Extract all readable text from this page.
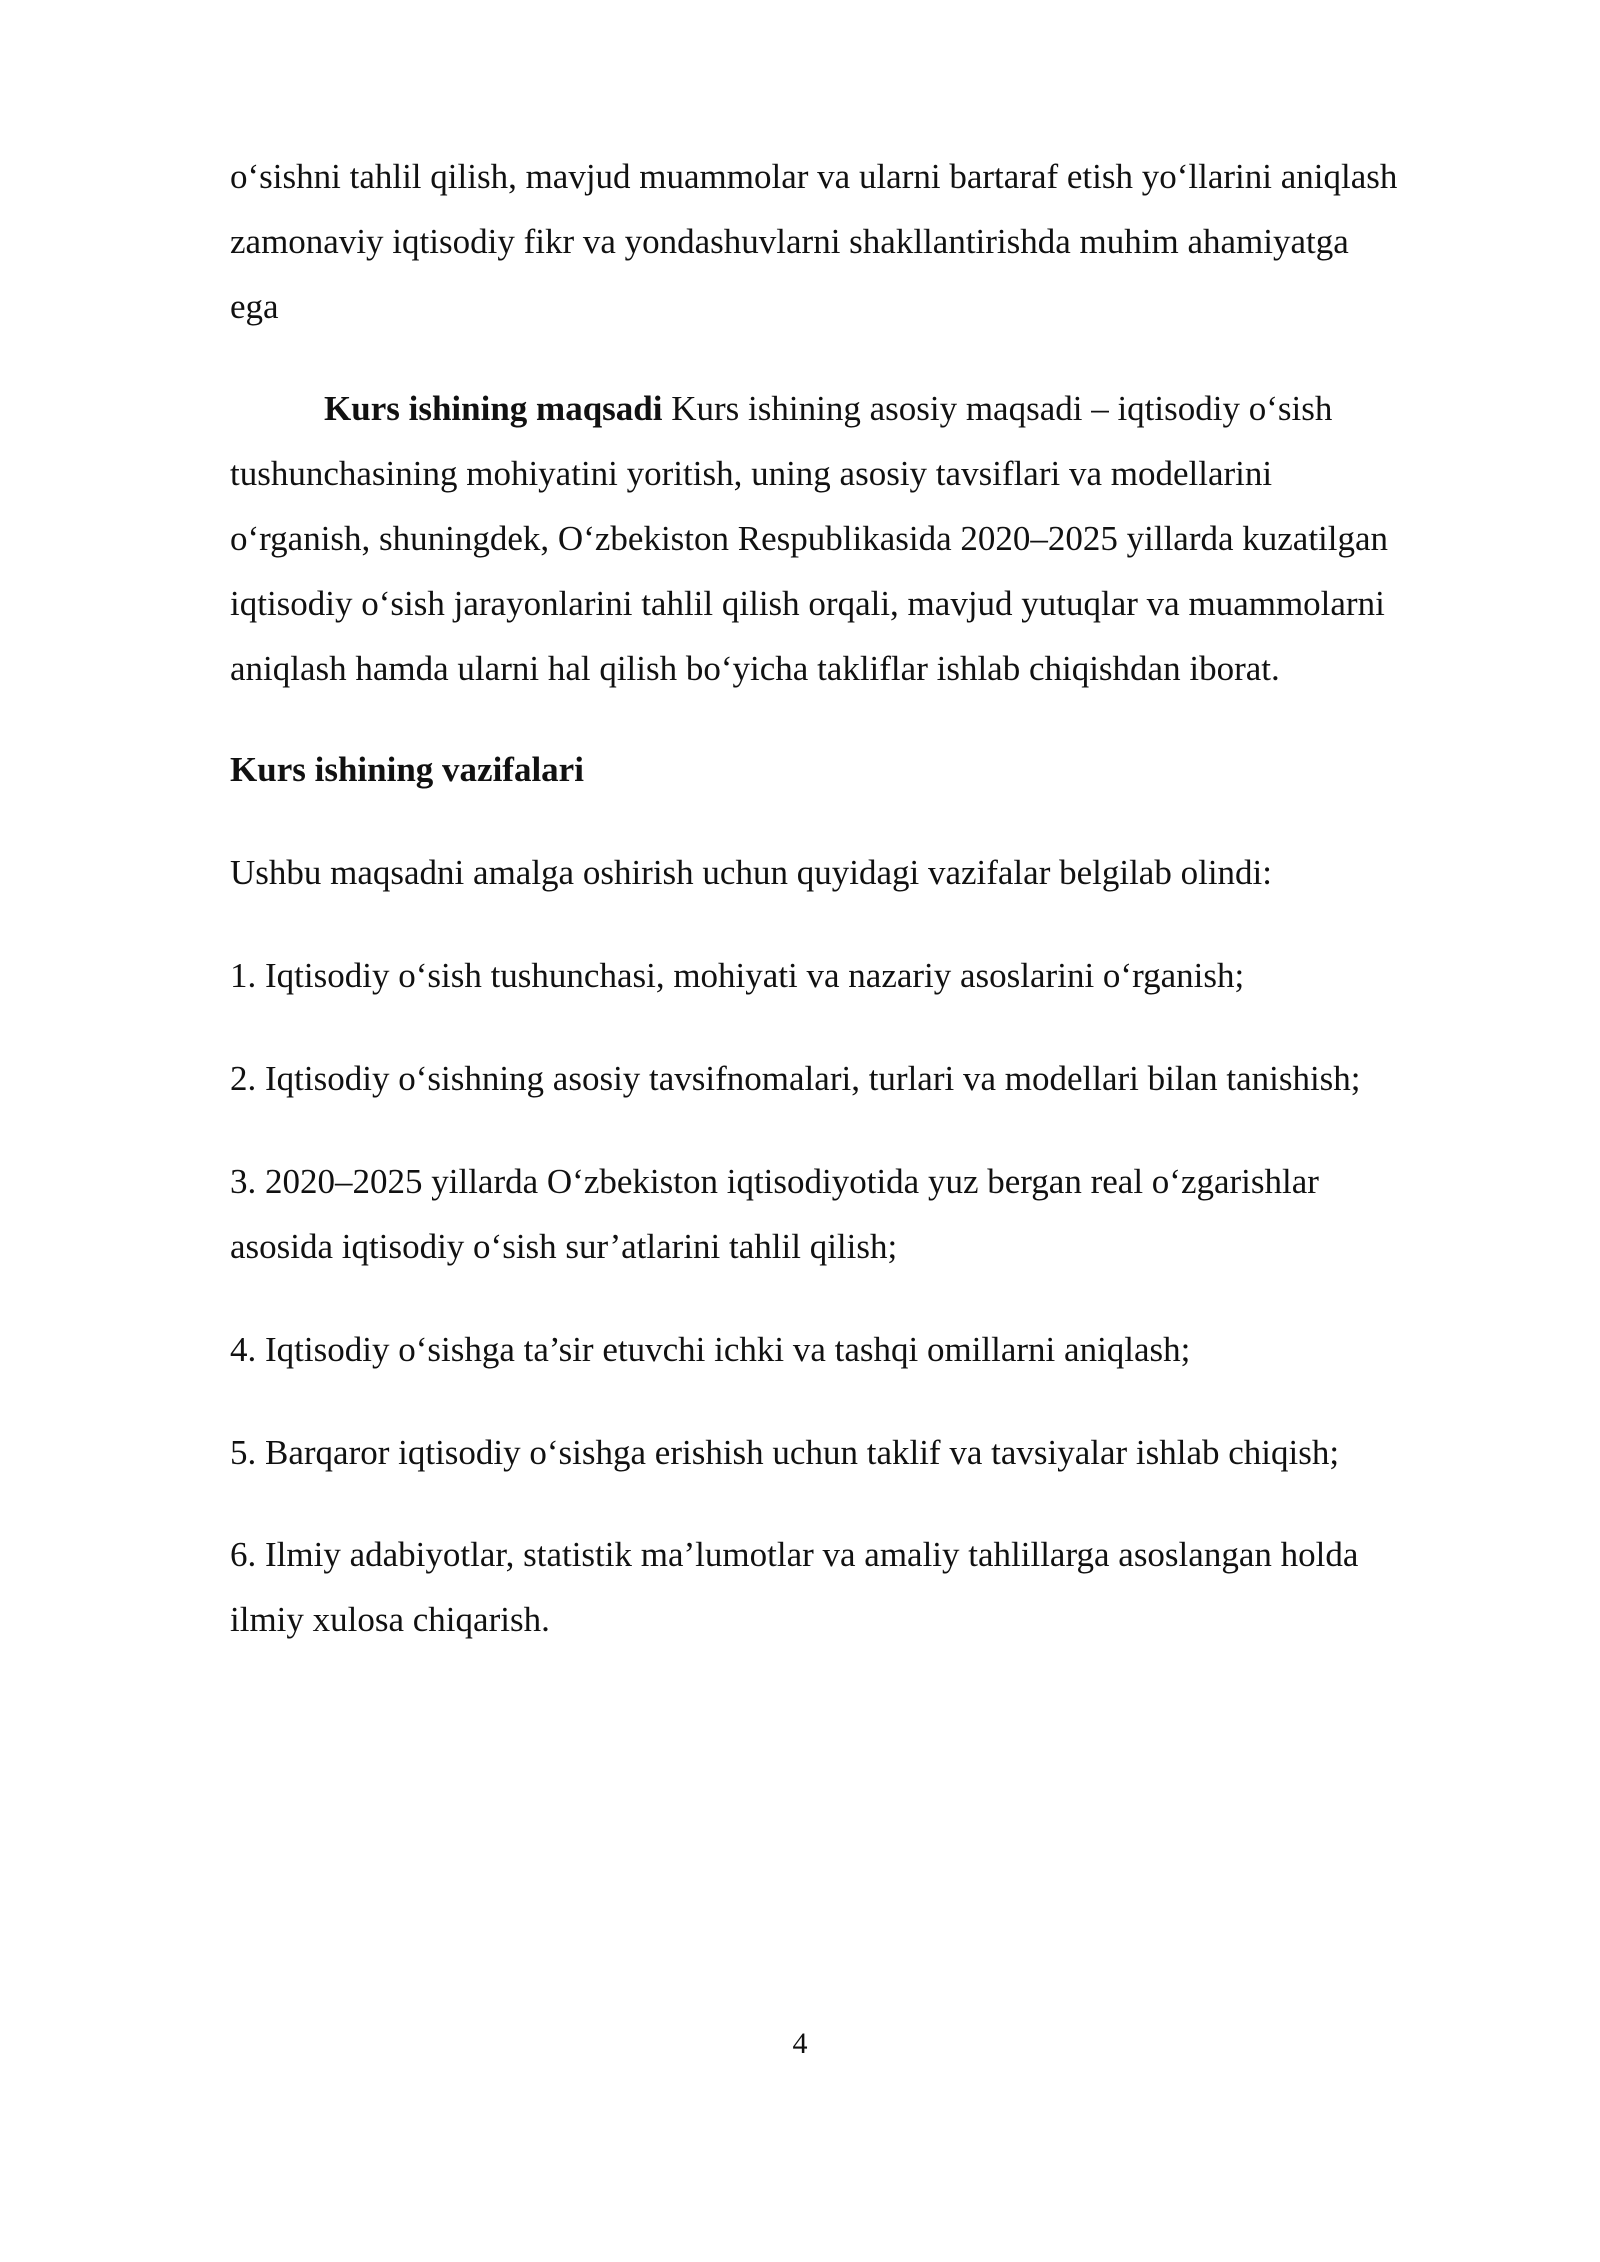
o‘sishni tahlil qilish, mavjud muammolar va ularni bartaraf etish yo‘llarini aniqlash
zamonaviy iqtisodiy fikr va yondashuvlarni shakllantirishda muhim ahamiyatga
ega

Kurs ishining maqsadi Kurs ishining asosiy maqsadi – iqtisodiy o‘sish
tushunchasining mohiyatini yoritish, uning asosiy tavsiflari va modellarini
o‘rganish, shuningdek, O‘zbekiston Respublikasida 2020–2025 yillarda kuzatilgan
iqtisodiy o‘sish jarayonlarini tahlil qilish orqali, mavjud yutuqlar va muammolarni
aniqlash hamda ularni hal qilish bo‘yicha takliflar ishlab chiqishdan iborat.

Kurs ishining vazifalari

Ushbu maqsadni amalga oshirish uchun quyidagi vazifalar belgilab olindi:

1. Iqtisodiy o‘sish tushunchasi, mohiyati va nazariy asoslarini o‘rganish;

2. Iqtisodiy o‘sishning asosiy tavsifnomalari, turlari va modellari bilan tanishish;

3. 2020–2025 yillarda O‘zbekiston iqtisodiyotida yuz bergan real o‘zgarishlar
asosida iqtisodiy o‘sish sur’atlarini tahlil qilish;

4. Iqtisodiy o‘sishga ta’sir etuvchi ichki va tashqi omillarni aniqlash;

5. Barqaror iqtisodiy o‘sishga erishish uchun taklif va tavsiyalar ishlab chiqish;

6. Ilmiy adabiyotlar, statistik ma’lumotlar va amaliy tahlillarga asoslangan holda
ilmiy xulosa chiqarish.

4
